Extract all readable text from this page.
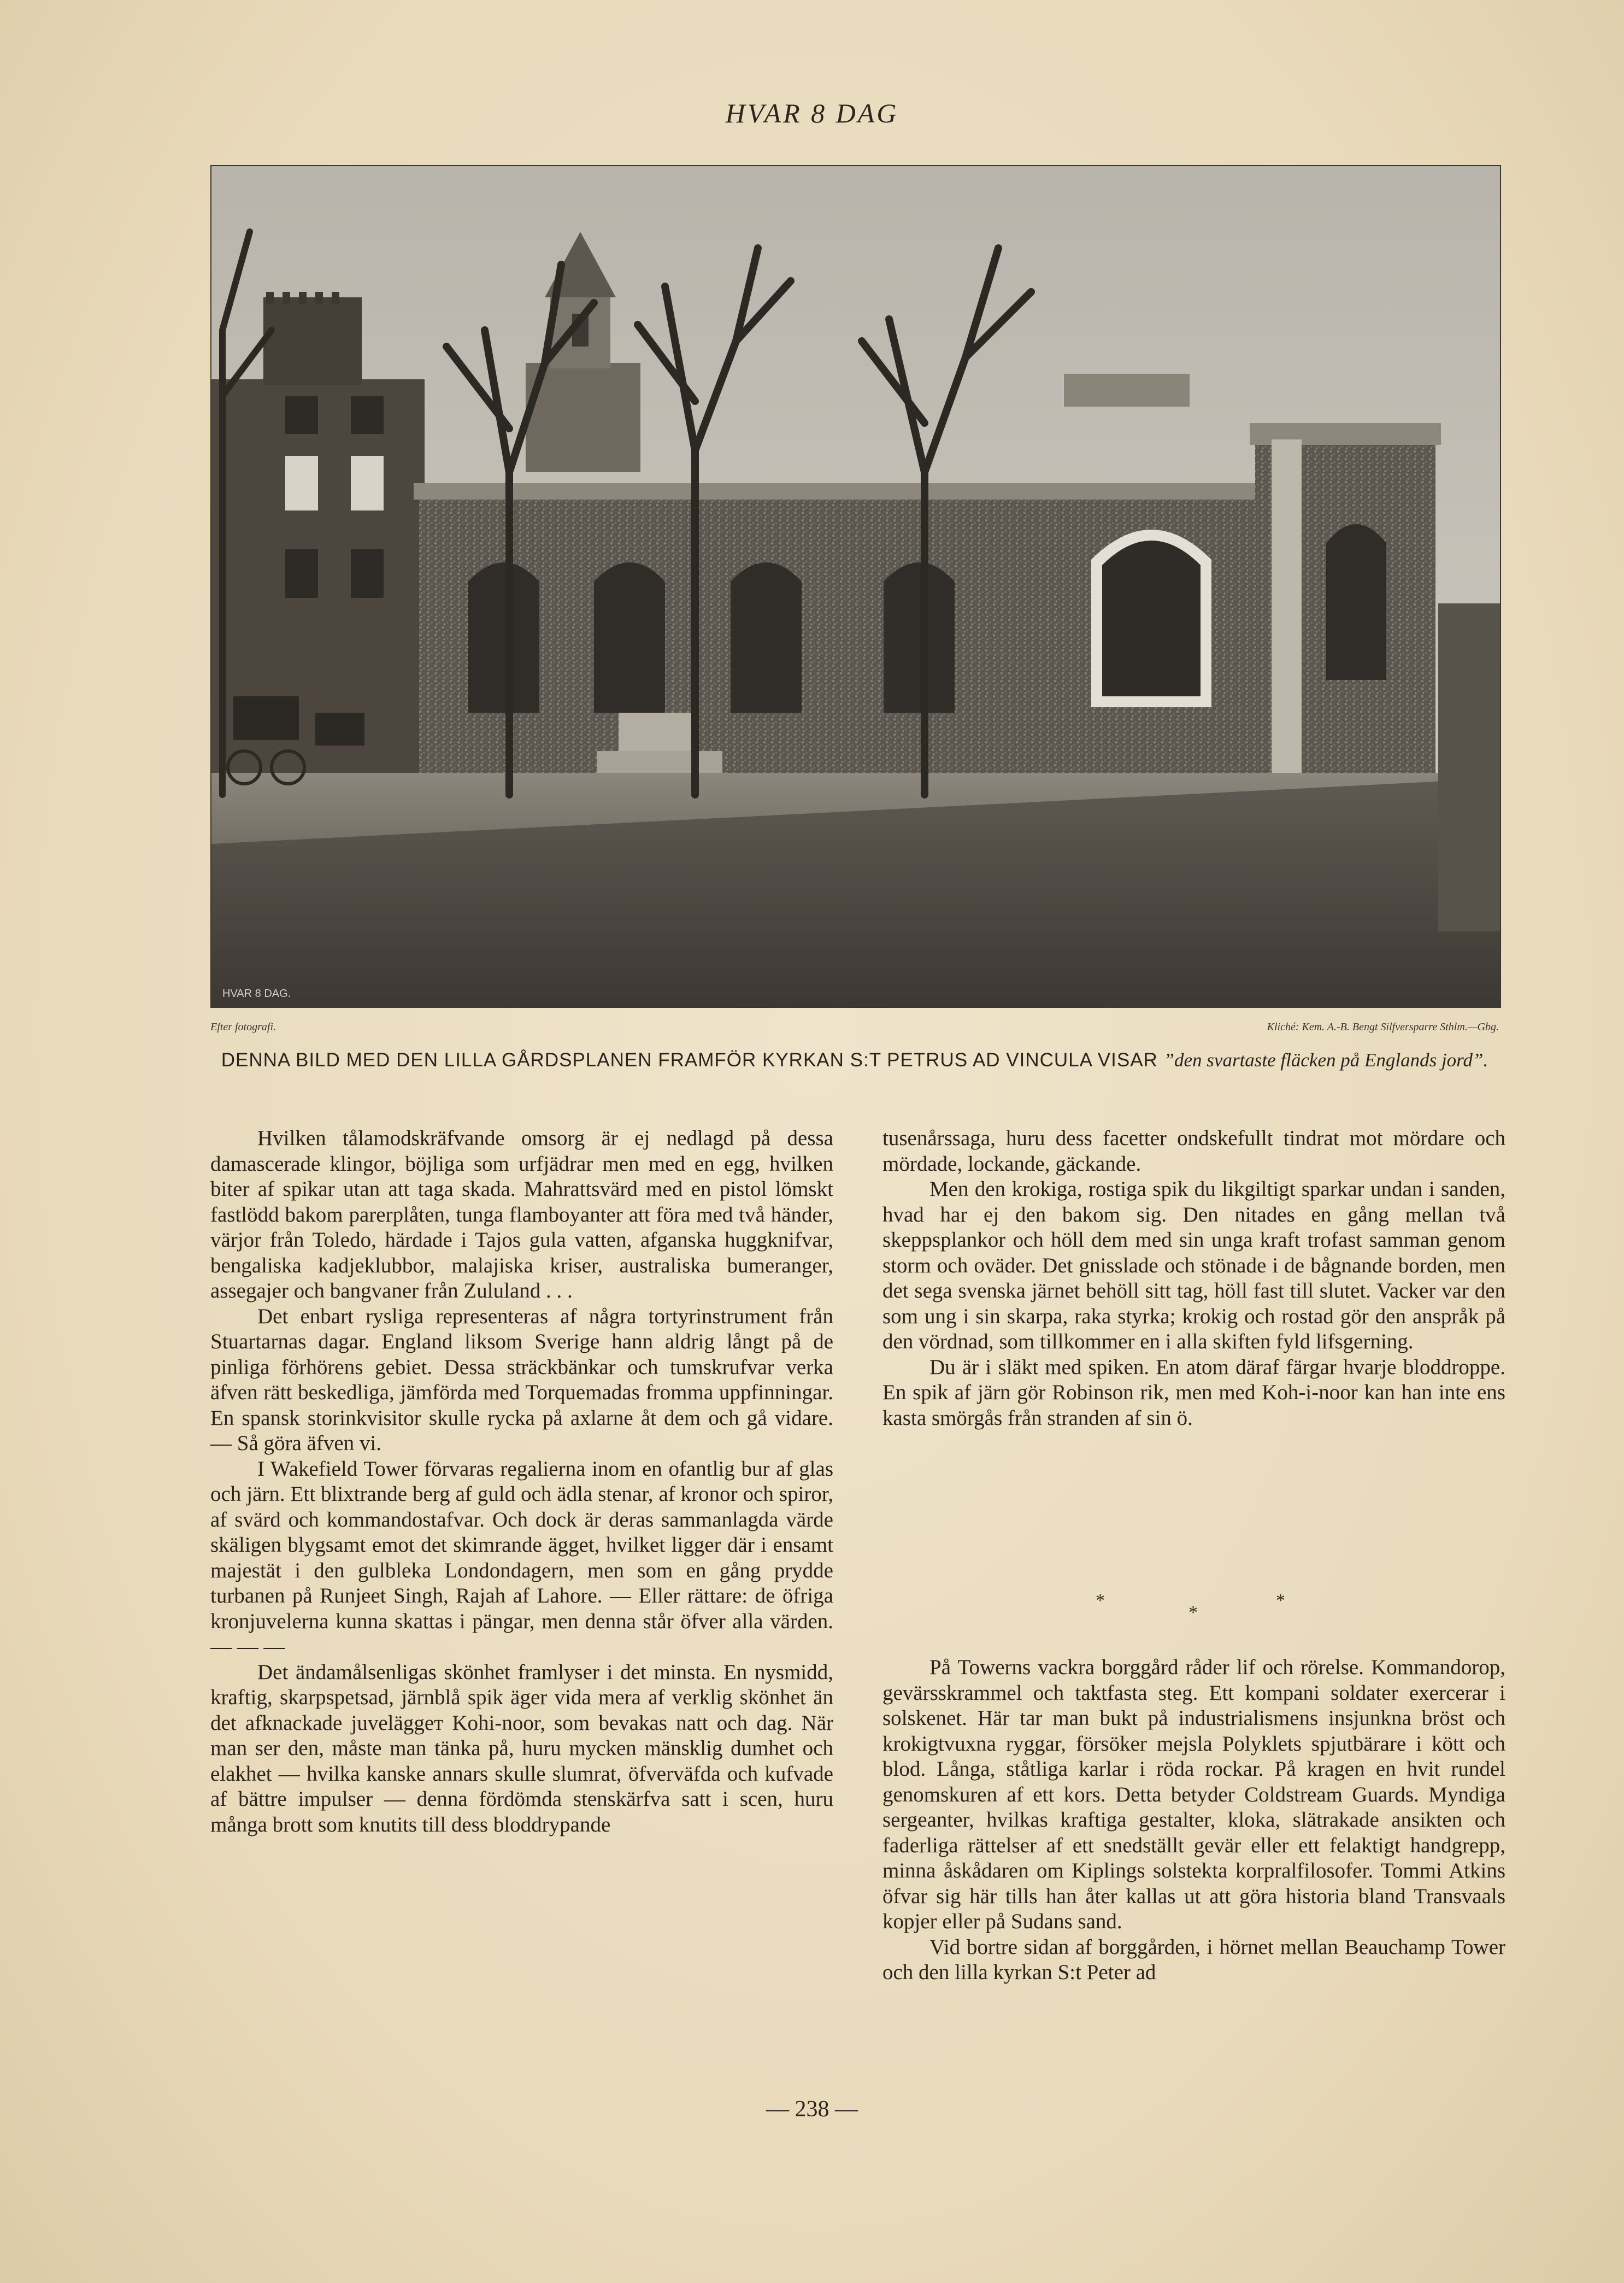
HVAR 8 DAG
HVAR 8 DAG.
Efter fotografi.	Kliché: Kem. A.-B. Bengt Silfversparre Sthlm.—Gbg.
DENNA BILD MED DEN LILLA GÅRDSPLANEN FRAMFÖR KYRKAN S:T PETRUS AD VINCULA VISAR ”den svartaste fläcken på Englands jord”.

Hvilken tålamodskräfvande omsorg är ej nedlagd på dessa damascerade klingor, böjliga som urfjädrar men med en egg, hvilken biter af spikar utan att taga skada. Mahrattsvärd med en pistol lömskt fastlödd bakom parerplåten, tunga flamboyanter att föra med två händer, värjor från Toledo, härdade i Tajos gula vatten, afganska huggknifvar, bengaliska kadjeklubbor, malajiska kriser, australiska bumeranger, assegajer och bangvaner från Zululand . . .

Det enbart rysliga representeras af några tortyrinstrument från Stuartarnas dagar. England liksom Sverige hann aldrig långt på de pinliga förhörens gebiet. Dessa sträckbänkar och tumskrufvar verka äfven rätt beskedliga, jämförda med Torquemadas fromma uppfinningar. En spansk storinkvisitor skulle rycka på axlarne åt dem och gå vidare. — Så göra äfven vi.

I Wakefield Tower förvaras regalierna inom en ofantlig bur af glas och järn. Ett blixtrande berg af guld och ädla stenar, af kronor och spiror, af svärd och kommandostafvar. Och dock är deras sammanlagda värde skäligen blygsamt emot det skimrande ägget, hvilket ligger där i ensamt majestät i den gulbleka Londondagern, men som en gång prydde turbanen på Runjeet Singh, Rajah af Lahore. — Eller rättare: de öfriga kronjuvelerna kunna skattas i pängar, men denna står öfver alla värden. — — —

Det ändamålsenligas skönhet framlyser i det minsta. En nysmidd, kraftig, skarpspetsad, järnblå spik äger vida mera af verklig skönhet än det afknackade juveläggет Kohi-noor, som bevakas natt och dag. När man ser den, måste man tänka på, huru mycken mänsklig dumhet och elakhet — hvilka kanske annars skulle slumrat, öfverväfda och kufvade af bättre impulser — denna fördömda stenskärfva satt i scen, huru många brott som knutits till dess bloddrypande

tusenårssaga, huru dess facetter ondskefullt tindrat mot mördare och mördade, lockande, gäckande.

Men den krokiga, rostiga spik du likgiltigt sparkar undan i sanden, hvad har ej den bakom sig. Den nitades en gång mellan två skeppsplankor och höll dem med sin unga kraft trofast samman genom storm och oväder. Det gnisslade och stönade i de bågnande borden, men det sega svenska järnet behöll sitt tag, höll fast till slutet. Vacker var den som ung i sin skarpa, raka styrka; krokig och rostad gör den anspråk på den vördnad, som tillkommer en i alla skiften fyld lifsgerning.

Du är i släkt med spiken. En atom däraf färgar hvarje bloddroppe. En spik af järn gör Robinson rik, men med Koh-i-noor kan han inte ens kasta smörgås från stranden af sin ö.

*
*
*

På Towerns vackra borggård råder lif och rörelse. Kommandorop, gevärsskrammel och taktfasta steg. Ett kompani soldater exercerar i solskenet. Här tar man bukt på industrialismens insjunkna bröst och krokigtvuxna ryggar, försöker mejsla Polyklets spjutbärare i kött och blod. Långa, ståtliga karlar i röda rockar. På kragen en hvit rundel genomskuren af ett kors. Detta betyder Coldstream Guards. Myndiga sergeanter, hvilkas kraftiga gestalter, kloka, slätrakade ansikten och faderliga rättelser af ett snedställt gevär eller ett felaktigt handgrepp, minna åskådaren om Kiplings solstekta korpralfilosofer. Tommi Atkins öfvar sig här tills han åter kallas ut att göra historia bland Transvaals kopjer eller på Sudans sand.

Vid bortre sidan af borggården, i hörnet mellan Beauchamp Tower och den lilla kyrkan S:t Peter ad

— 238 —
